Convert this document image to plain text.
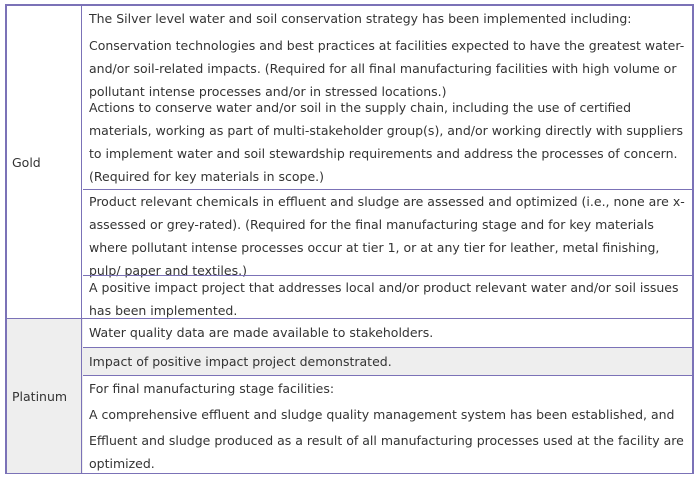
Gold

The Silver level water and soil conservation strategy has been implemented including:

Conservation technologies and best practices at facilities expected to have the greatest water- and/or soil-related impacts. (Required for all final manufacturing facilities with high volume or pollutant intense processes and/or in stressed locations.)

Actions to conserve water and/or soil in the supply chain, including the use of certified materials, working as part of multi-stakeholder group(s), and/or working directly with suppliers to implement water and soil stewardship requirements and address the processes of concern. (Required for key materials in scope.)

Product relevant chemicals in effluent and sludge are assessed and optimized (i.e., none are x-assessed or grey-rated). (Required for the final manufacturing stage and for key materials where pollutant intense processes occur at tier 1, or at any tier for leather, metal finishing, pulp/ paper and textiles.)

A positive impact project that addresses local and/or product relevant water and/or soil issues has been implemented.

Platinum

Water quality data are made available to stakeholders.

Impact of positive impact project demonstrated.

For final manufacturing stage facilities:

A comprehensive effluent and sludge quality management system has been established, and

Effluent and sludge produced as a result of all manufacturing processes used at the facility are optimized.
